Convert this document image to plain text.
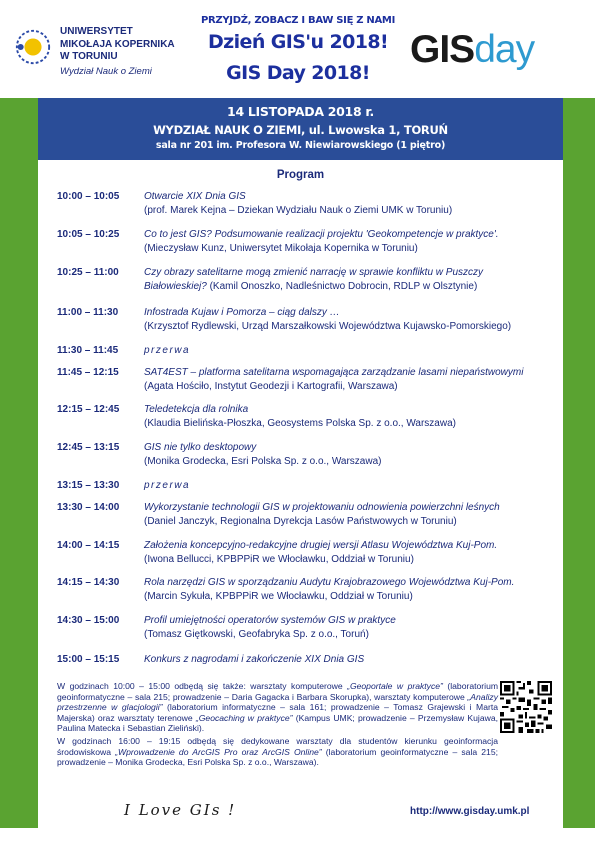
UNIWERSYTET
MIKOŁAJA KOPERNIKA
W TORUNIU
Wydział Nauk o Ziemi
PRZYJDŹ, ZOBACZ I BAW SIĘ Z NAMI
Dzień GIS'u 2018!
GIS Day 2018!
GISday
14 LISTOPADA 2018 r.
WYDZIAŁ NAUK O ZIEMI, ul. Lwowska 1, TORUŃ
sala nr 201 im. Profesora W. Niewiarowskiego (1 piętro)
Program
10:00 – 10:05	Otwarcie XIX Dnia GIS
(prof. Marek Kejna – Dziekan Wydziału Nauk o Ziemi UMK w Toruniu)
10:05 – 10:25	Co to jest GIS? Podsumowanie realizacji projektu 'Geokompetencje w praktyce'.
(Mieczysław Kunz, Uniwersytet Mikołaja Kopernika w Toruniu)
10:25 – 11:00	Czy obrazy satelitarne mogą zmienić narrację w sprawie konfliktu w Puszczy
Białowieskiej? (Kamil Onoszko, Nadleśnictwo Dobrocin, RDLP w Olsztynie)
11:00 – 11:30	Infostrada Kujaw i Pomorza – ciąg dalszy …
(Krzysztof Rydlewski, Urząd Marszałkowski Województwa Kujawsko-Pomorskiego)
11:30 – 11:45	przerwa
11:45 – 12:15	SAT4EST – platforma satelitarna wspomagająca zarządzanie lasami niepaństwowymi
(Agata Hościło, Instytut Geodezji i Kartografii, Warszawa)
12:15 – 12:45	Teledetekcja dla rolnika
(Klaudia Bielińska-Płoszka, Geosystems Polska Sp. z o.o., Warszawa)
12:45 – 13:15	GIS nie tylko desktopowy
(Monika Grodecka, Esri Polska Sp. z o.o., Warszawa)
13:15 – 13:30	przerwa
13:30 – 14:00	Wykorzystanie technologii GIS w projektowaniu odnowienia powierzchni leśnych
(Daniel Janczyk, Regionalna Dyrekcja Lasów Państwowych w Toruniu)
14:00 – 14:15	Założenia koncepcyjno-redakcyjne drugiej wersji Atlasu Województwa Kuj-Pom.
(Iwona Bellucci, KPBPPiR we Włocławku, Oddział w Toruniu)
14:15 – 14:30	Rola narzędzi GIS w sporządzaniu Audytu Krajobrazowego Województwa Kuj-Pom.
(Marcin Sykuła, KPBPPiR we Włocławku, Oddział w Toruniu)
14:30 – 15:00	Profil umiejętności operatorów systemów GIS w praktyce
(Tomasz Giętkowski, Geofabryka Sp. z o.o., Toruń)
15:00 – 15:15	Konkurs z nagrodami i zakończenie XIX Dnia GIS

W godzinach 10:00 – 15:00 odbędą się także: warsztaty komputerowe „Geoportale w praktyce” (laboratorium geoinformatyczne – sala 215; prowadzenie – Daria Gagacka i Barbara Skorupka), warsztaty komputerowe „Analizy przestrzenne w glacjologii” (laboratorium informatyczne – sala 161; prowadzenie – Tomasz Grajewski i Marta Majerska) oraz warsztaty terenowe „Geocaching w praktyce” (Kampus UMK; prowadzenie – Przemysław Kujawa, Paulina Matecka i Sebastian Zieliński).

W godzinach 16:00 – 19:15 odbędą się dedykowane warsztaty dla studentów kierunku geoinformacja środowiskowa „Wprowadzenie do ArcGIS Pro oraz ArcGIS Online” (laboratorium geoinformatyczne – sala 215; prowadzenie – Monika Grodecka, Esri Polska Sp. z o.o., Warszawa).

I Love GIs !	http://www.gisday.umk.pl
